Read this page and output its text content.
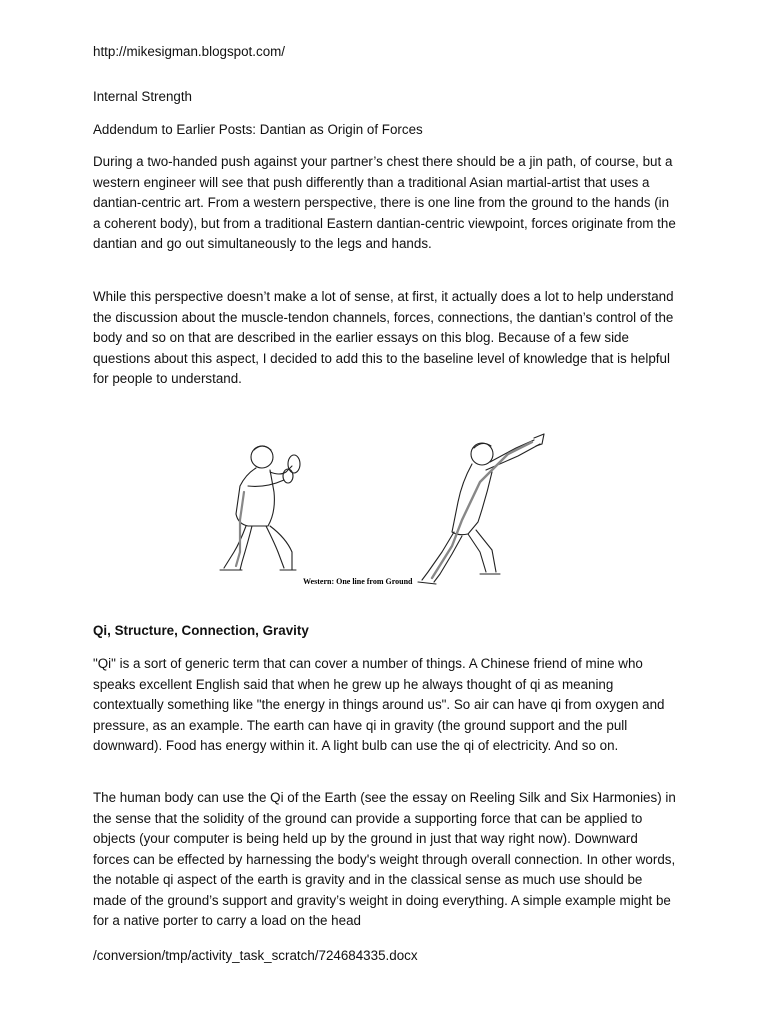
http://mikesigman.blogspot.com/
Internal Strength
Addendum to Earlier Posts: Dantian as Origin of Forces
During a two-handed push against your partner’s chest there should be a jin path, of course, but a western engineer will see that push differently than a traditional Asian martial-artist that uses a dantian-centric art. From a western perspective, there is one line from the ground to the hands (in a coherent body), but from a traditional Eastern dantian-centric viewpoint, forces originate from the dantian and go out simultaneously to the legs and hands.
While this perspective doesn’t make a lot of sense, at first, it actually does a lot to help understand the discussion about the muscle-tendon channels, forces, connections, the dantian’s control of the body and so on that are described in the earlier essays on this blog. Because of a few side questions about this aspect, I decided to add this to the baseline level of knowledge that is helpful for people to understand.
Western: One line from Ground
Qi, Structure, Connection, Gravity
"Qi" is a sort of generic term that can cover a number of things. A Chinese friend of mine who speaks excellent English said that when he grew up he always thought of qi as meaning contextually something like "the energy in things around us". So air can have qi from oxygen and pressure, as an example. The earth can have qi in gravity (the ground support and the pull downward). Food has energy within it. A light bulb can use the qi of electricity. And so on.
The human body can use the Qi of the Earth (see the essay on Reeling Silk and Six Harmonies) in the sense that the solidity of the ground can provide a supporting force that can be applied to objects (your computer is being held up by the ground in just that way right now). Downward forces can be effected by harnessing the body's weight through overall connection. In other words, the notable qi aspect of the earth is gravity and in the classical sense as much use should be made of the ground’s support and gravity’s weight in doing everything. A simple example might be for a native porter to carry a load on the head
/conversion/tmp/activity_task_scratch/724684335.docx
